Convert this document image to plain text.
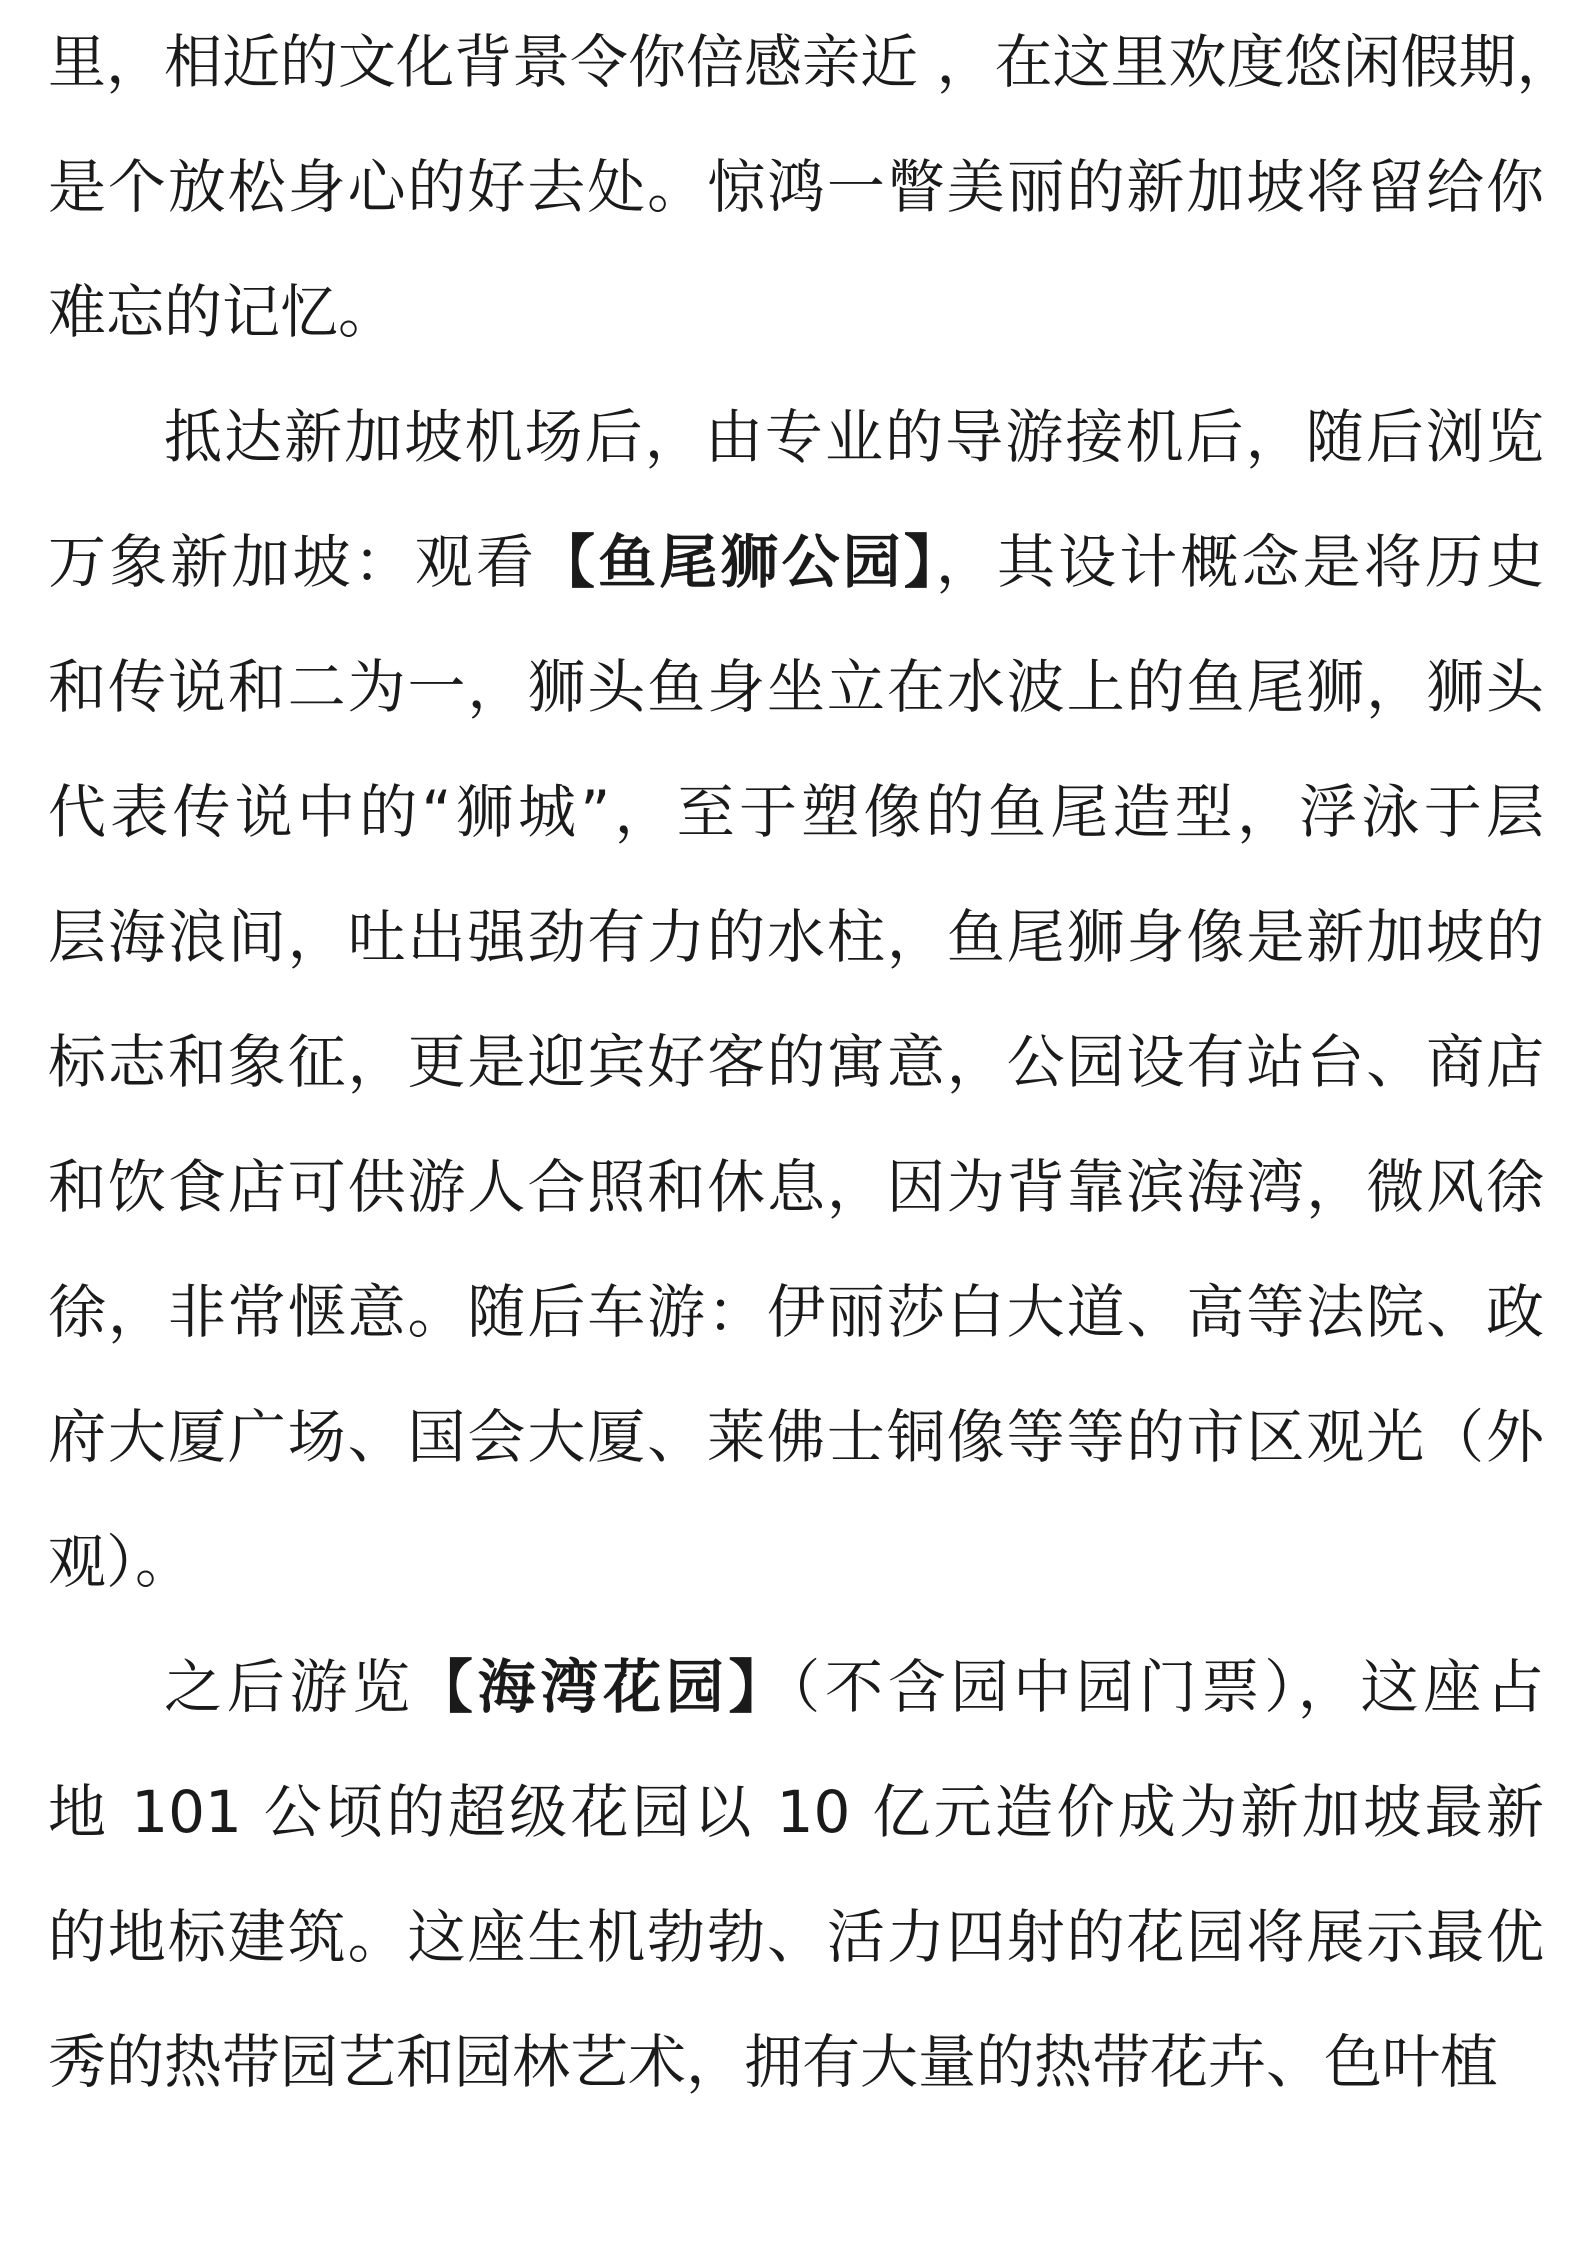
里，相近的文化背景令你倍感亲近 ，在这里欢度悠闲假期，
是个放松身心的好去处。惊鸿一瞥美丽的新加坡将留给你
难忘的记忆。
抵达新加坡机场后，由专业的导游接机后，随后浏览
万象新加坡：观看【鱼尾狮公园】，其设计概念是将历史
和传说和二为一，狮头鱼身坐立在水波上的鱼尾狮，狮头
代表传说中的“狮城”，至于塑像的鱼尾造型，浮泳于层
层海浪间，吐出强劲有力的水柱，鱼尾狮身像是新加坡的
标志和象征，更是迎宾好客的寓意，公园设有站台、商店
和饮食店可供游人合照和休息，因为背靠滨海湾，微风徐
徐，非常惬意。随后车游：伊丽莎白大道、高等法院、政
府大厦广场、国会大厦、莱佛士铜像等等的市区观光（外
观）。
之后游览【海湾花园】（不含园中园门票），这座占
地 101 公顷的超级花园以 10 亿元造价成为新加坡最新
的地标建筑。这座生机勃勃、活力四射的花园将展示最优
秀的热带园艺和园林艺术，拥有大量的热带花卉、色叶植
